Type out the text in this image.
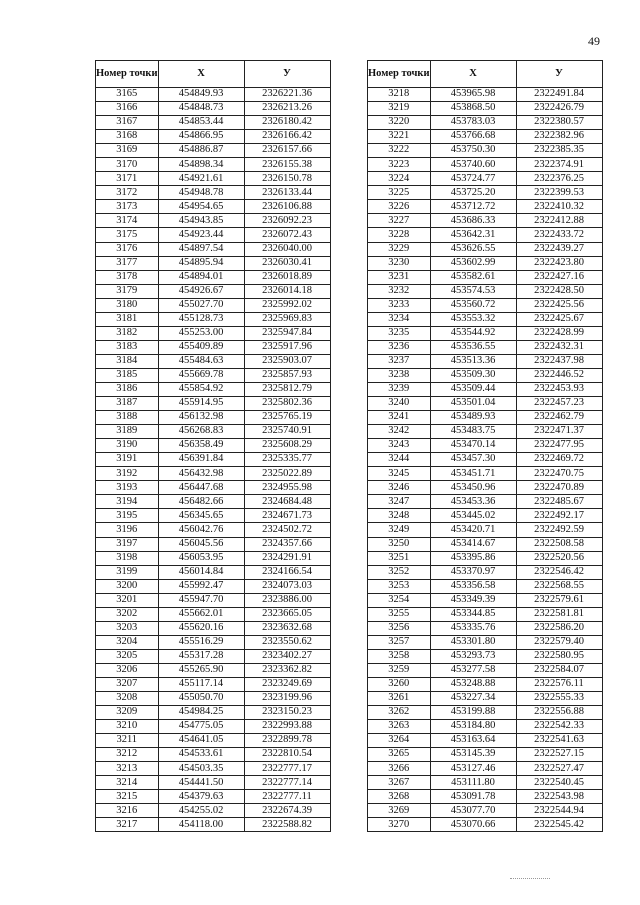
49
Номер точки	X	У
3165	454849.93	2326221.36
3166	454848.73	2326213.26
3167	454853.44	2326180.42
3168	454866.95	2326166.42
3169	454886.87	2326157.66
3170	454898.34	2326155.38
3171	454921.61	2326150.78
3172	454948.78	2326133.44
3173	454954.65	2326106.88
3174	454943.85	2326092.23
3175	454923.44	2326072.43
3176	454897.54	2326040.00
3177	454895.94	2326030.41
3178	454894.01	2326018.89
3179	454926.67	2326014.18
3180	455027.70	2325992.02
3181	455128.73	2325969.83
3182	455253.00	2325947.84
3183	455409.89	2325917.96
3184	455484.63	2325903.07
3185	455669.78	2325857.93
3186	455854.92	2325812.79
3187	455914.95	2325802.36
3188	456132.98	2325765.19
3189	456268.83	2325740.91
3190	456358.49	2325608.29
3191	456391.84	2325335.77
3192	456432.98	2325022.89
3193	456447.68	2324955.98
3194	456482.66	2324684.48
3195	456345.65	2324671.73
3196	456042.76	2324502.72
3197	456045.56	2324357.66
3198	456053.95	2324291.91
3199	456014.84	2324166.54
3200	455992.47	2324073.03
3201	455947.70	2323886.00
3202	455662.01	2323665.05
3203	455620.16	2323632.68
3204	455516.29	2323550.62
3205	455317.28	2323402.27
3206	455265.90	2323362.82
3207	455117.14	2323249.69
3208	455050.70	2323199.96
3209	454984.25	2323150.23
3210	454775.05	2322993.88
3211	454641.05	2322899.78
3212	454533.61	2322810.54
3213	454503.35	2322777.17
3214	454441.50	2322777.14
3215	454379.63	2322777.11
3216	454255.02	2322674.39
3217	454118.00	2322588.82
Номер точки	X	У
3218	453965.98	2322491.84
3219	453868.50	2322426.79
3220	453783.03	2322380.57
3221	453766.68	2322382.96
3222	453750.30	2322385.35
3223	453740.60	2322374.91
3224	453724.77	2322376.25
3225	453725.20	2322399.53
3226	453712.72	2322410.32
3227	453686.33	2322412.88
3228	453642.31	2322433.72
3229	453626.55	2322439.27
3230	453602.99	2322423.80
3231	453582.61	2322427.16
3232	453574.53	2322428.50
3233	453560.72	2322425.56
3234	453553.32	2322425.67
3235	453544.92	2322428.99
3236	453536.55	2322432.31
3237	453513.36	2322437.98
3238	453509.30	2322446.52
3239	453509.44	2322453.93
3240	453501.04	2322457.23
3241	453489.93	2322462.79
3242	453483.75	2322471.37
3243	453470.14	2322477.95
3244	453457.30	2322469.72
3245	453451.71	2322470.75
3246	453450.96	2322470.89
3247	453453.36	2322485.67
3248	453445.02	2322492.17
3249	453420.71	2322492.59
3250	453414.67	2322508.58
3251	453395.86	2322520.56
3252	453370.97	2322546.42
3253	453356.58	2322568.55
3254	453349.39	2322579.61
3255	453344.85	2322581.81
3256	453335.76	2322586.20
3257	453301.80	2322579.40
3258	453293.73	2322580.95
3259	453277.58	2322584.07
3260	453248.88	2322576.11
3261	453227.34	2322555.33
3262	453199.88	2322556.88
3263	453184.80	2322542.33
3264	453163.64	2322541.63
3265	453145.39	2322527.15
3266	453127.46	2322527.47
3267	453111.80	2322540.45
3268	453091.78	2322543.98
3269	453077.70	2322544.94
3270	453070.66	2322545.42
